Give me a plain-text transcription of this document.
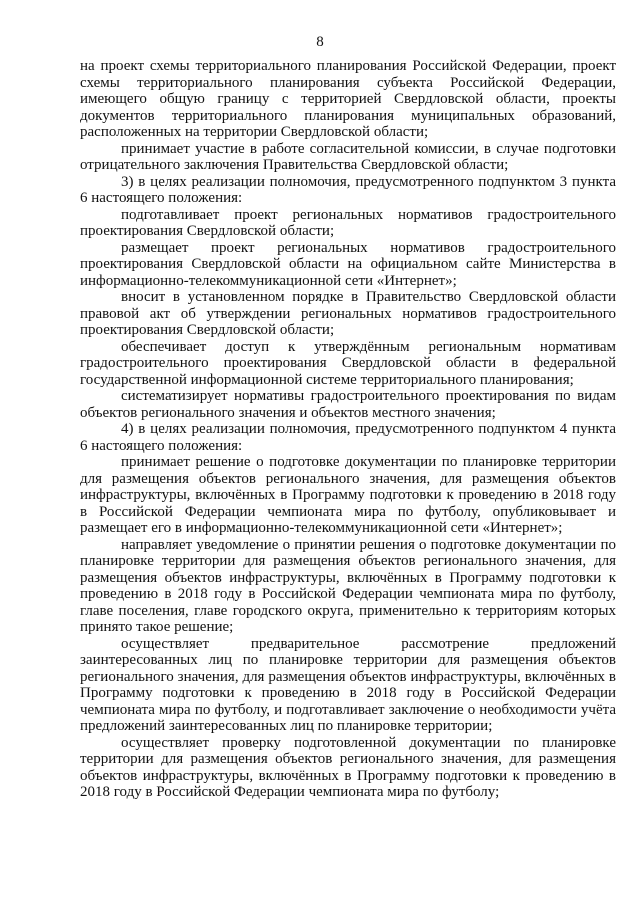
8

на проект схемы территориального планирования Российской Федерации, проект схемы территориального планирования субъекта Российской Федерации, имеющего общую границу с территорией Свердловской области, проекты документов территориального планирования муниципальных образований, расположенных на территории Свердловской области;

принимает участие в работе согласительной комиссии, в случае подготовки отрицательного заключения Правительства Свердловской области;

3) в целях реализации полномочия, предусмотренного подпунктом 3 пункта 6 настоящего положения:

подготавливает проект региональных нормативов градостроительного проектирования Свердловской области;

размещает проект региональных нормативов градостроительного проектирования Свердловской области на официальном сайте Министерства в информационно-телекоммуникационной сети «Интернет»;

вносит в установленном порядке в Правительство Свердловской области правовой акт об утверждении региональных нормативов градостроительного проектирования Свердловской области;

обеспечивает доступ к утверждённым региональным нормативам градостроительного проектирования Свердловской области в федеральной государственной информационной системе территориального планирования;

систематизирует нормативы градостроительного проектирования по видам объектов регионального значения и объектов местного значения;

4) в целях реализации полномочия, предусмотренного подпунктом 4 пункта 6 настоящего положения:

принимает решение о подготовке документации по планировке территории для размещения объектов регионального значения, для размещения объектов инфраструктуры, включённых в Программу подготовки к проведению в 2018 году в Российской Федерации чемпионата мира по футболу, опубликовывает и размещает его в информационно-телекоммуникационной сети «Интернет»;

направляет уведомление о принятии решения о подготовке документации по планировке территории для размещения объектов регионального значения, для размещения объектов инфраструктуры, включённых в Программу подготовки к проведению в 2018 году в Российской Федерации чемпионата мира по футболу, главе поселения, главе городского округа, применительно к территориям которых принято такое решение;

осуществляет предварительное рассмотрение предложений заинтересованных лиц по планировке территории для размещения объектов регионального значения, для размещения объектов инфраструктуры, включённых в Программу подготовки к проведению в 2018 году в Российской Федерации чемпионата мира по футболу, и подготавливает заключение о необходимости учёта предложений заинтересованных лиц по планировке территории;

осуществляет проверку подготовленной документации по планировке территории для размещения объектов регионального значения, для размещения объектов инфраструктуры, включённых в Программу подготовки к проведению в 2018 году в Российской Федерации чемпионата мира по футболу;
